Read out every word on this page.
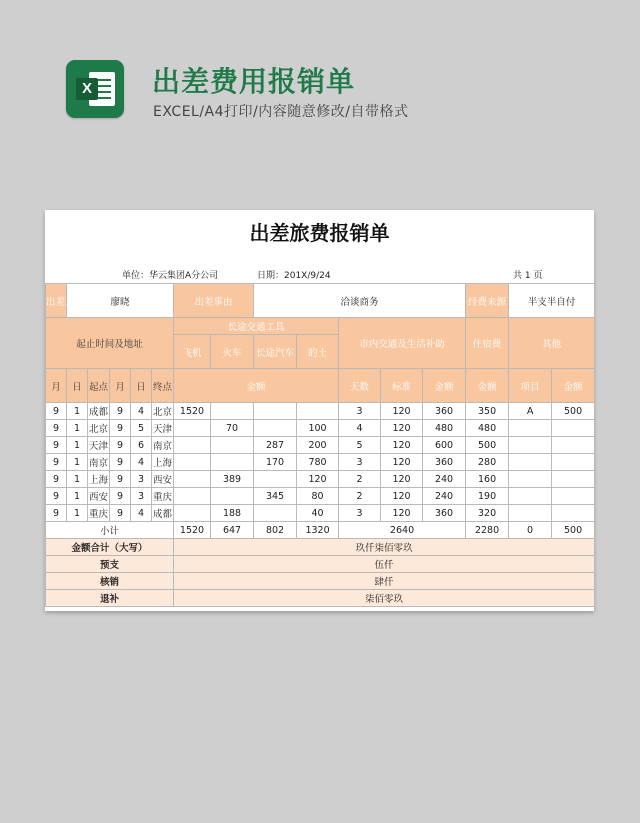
X 出差费用报销单
EXCEL/A4打印/内容随意修改/自带格式
出差旅费报销单
单位：华云集团A分公司	日期：201X/9/24	共 1 页
出差人	廖晓					出差事由		洽谈商务					经费来源	半支半自付	
起止时间及地址						长途交通工具				市内交通及生活补助			住宿费	其他	
						飞机	火车	长途汽车	的士						
月	日	起点	月	日	终点	金额				天数	标准	金额	金额	项目	金额
9	1	成都	9	4	北京	1520				3	120	360	350	A	500
9	1	北京	9	5	天津		70		100	4	120	480	480		
9	1	天津	9	6	南京			287	200	5	120	600	500		
9	1	南京	9	4	上海			170	780	3	120	360	280		
9	1	上海	9	3	西安		389		120	2	120	240	160		
9	1	西安	9	3	重庆			345	80	2	120	240	190		
9	1	重庆	9	4	成都		188		40	3	120	360	320		
小计						1520	647	802	1320	2640			2280	0	500
金额合计（大写）						玖仟柒佰零玖									
预支						伍仟									
核销						肆仟									
退补						柒佰零玖									
